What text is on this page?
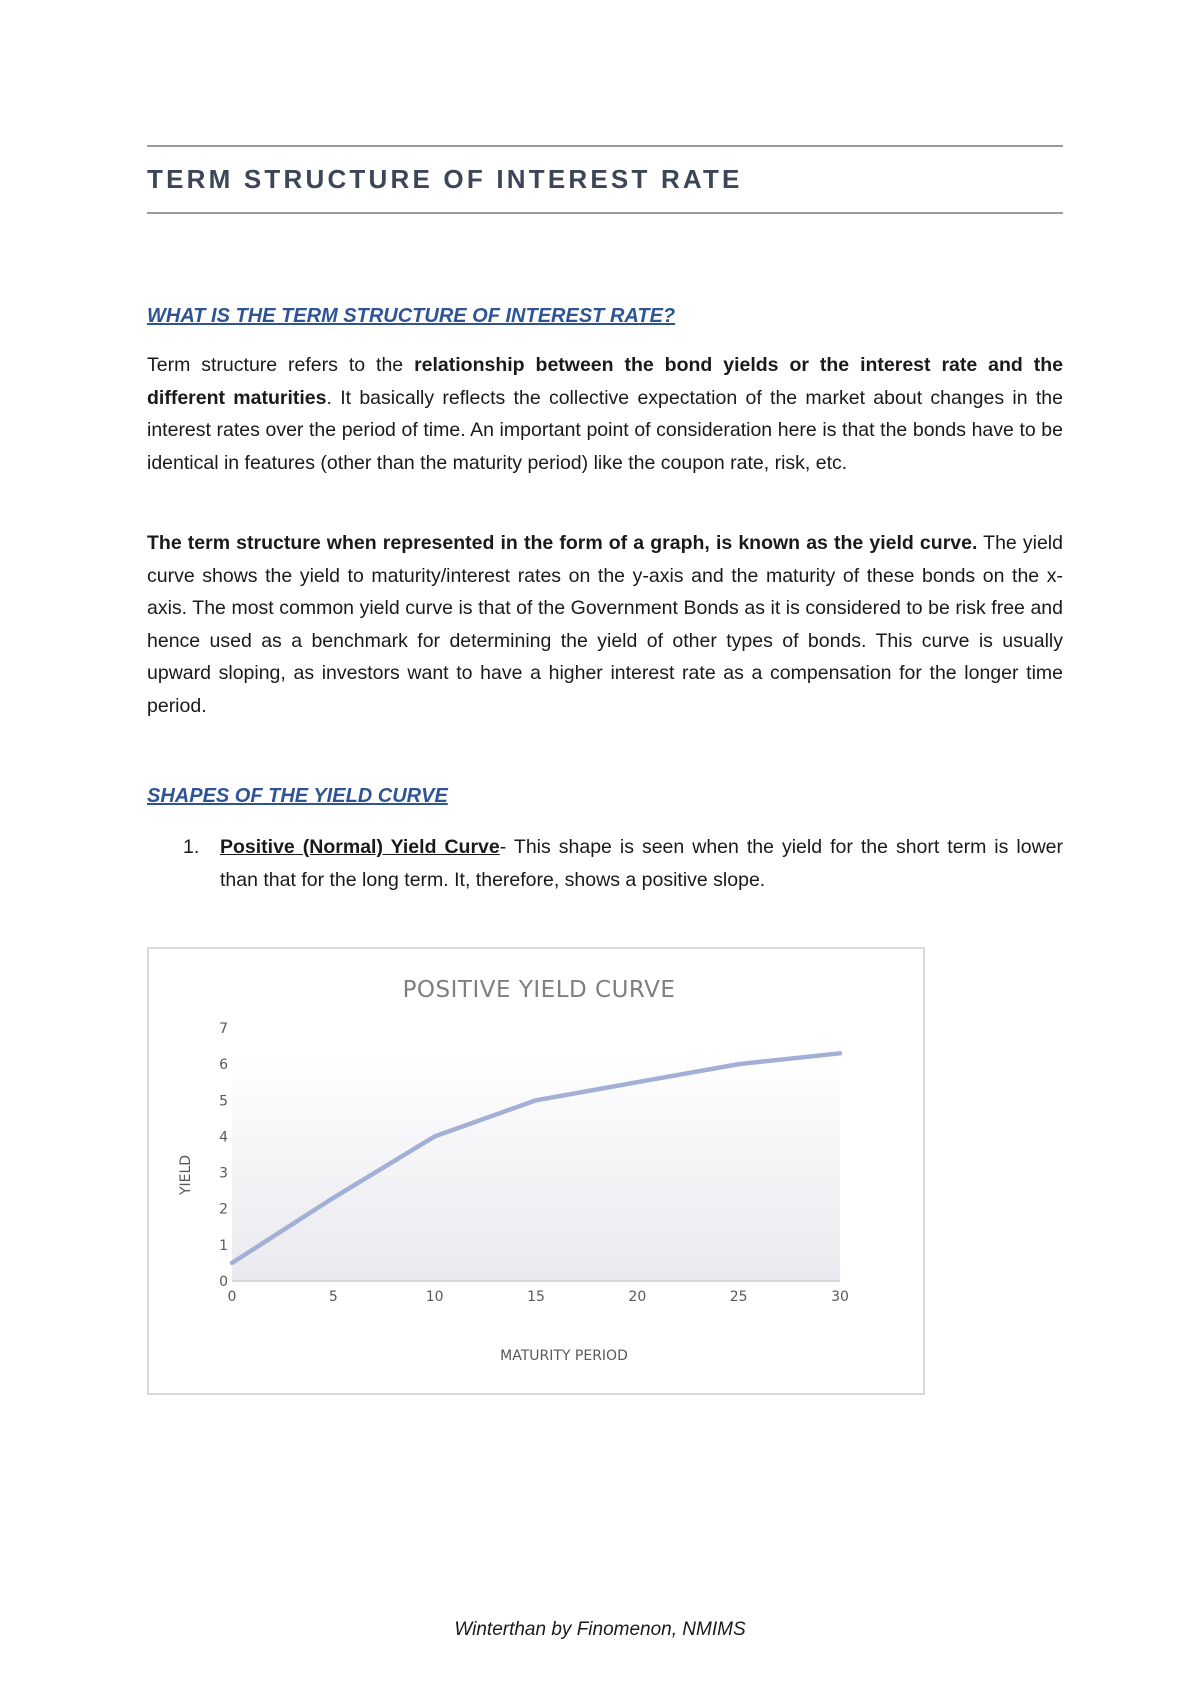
TERM STRUCTURE OF INTEREST RATE
WHAT IS THE TERM STRUCTURE OF INTEREST RATE?

Term structure refers to the relationship between the bond yields or the interest rate and the different maturities. It basically reflects the collective expectation of the market about changes in the interest rates over the period of time. An important point of consideration here is that the bonds have to be identical in features (other than the maturity period) like the coupon rate, risk, etc.

The term structure when represented in the form of a graph, is known as the yield curve. The yield curve shows the yield to maturity/interest rates on the y-axis and the maturity of these bonds on the x-axis. The most common yield curve is that of the Government Bonds as it is considered to be risk free and hence used as a benchmark for determining the yield of other types of bonds. This curve is usually upward sloping, as investors want to have a higher interest rate as a compensation for the longer time period.

SHAPES OF THE YIELD CURVE
1. Positive (Normal) Yield Curve- This shape is seen when the yield for the short term is lower than that for the long term. It, therefore, shows a positive slope.
0	5	10	15	20	25	30
0
1
2
3
4
5
6
7
POSITIVE YIELD CURVE
MATURITY PERIOD
YIELD

Winterthan by Finomenon, NMIMS
